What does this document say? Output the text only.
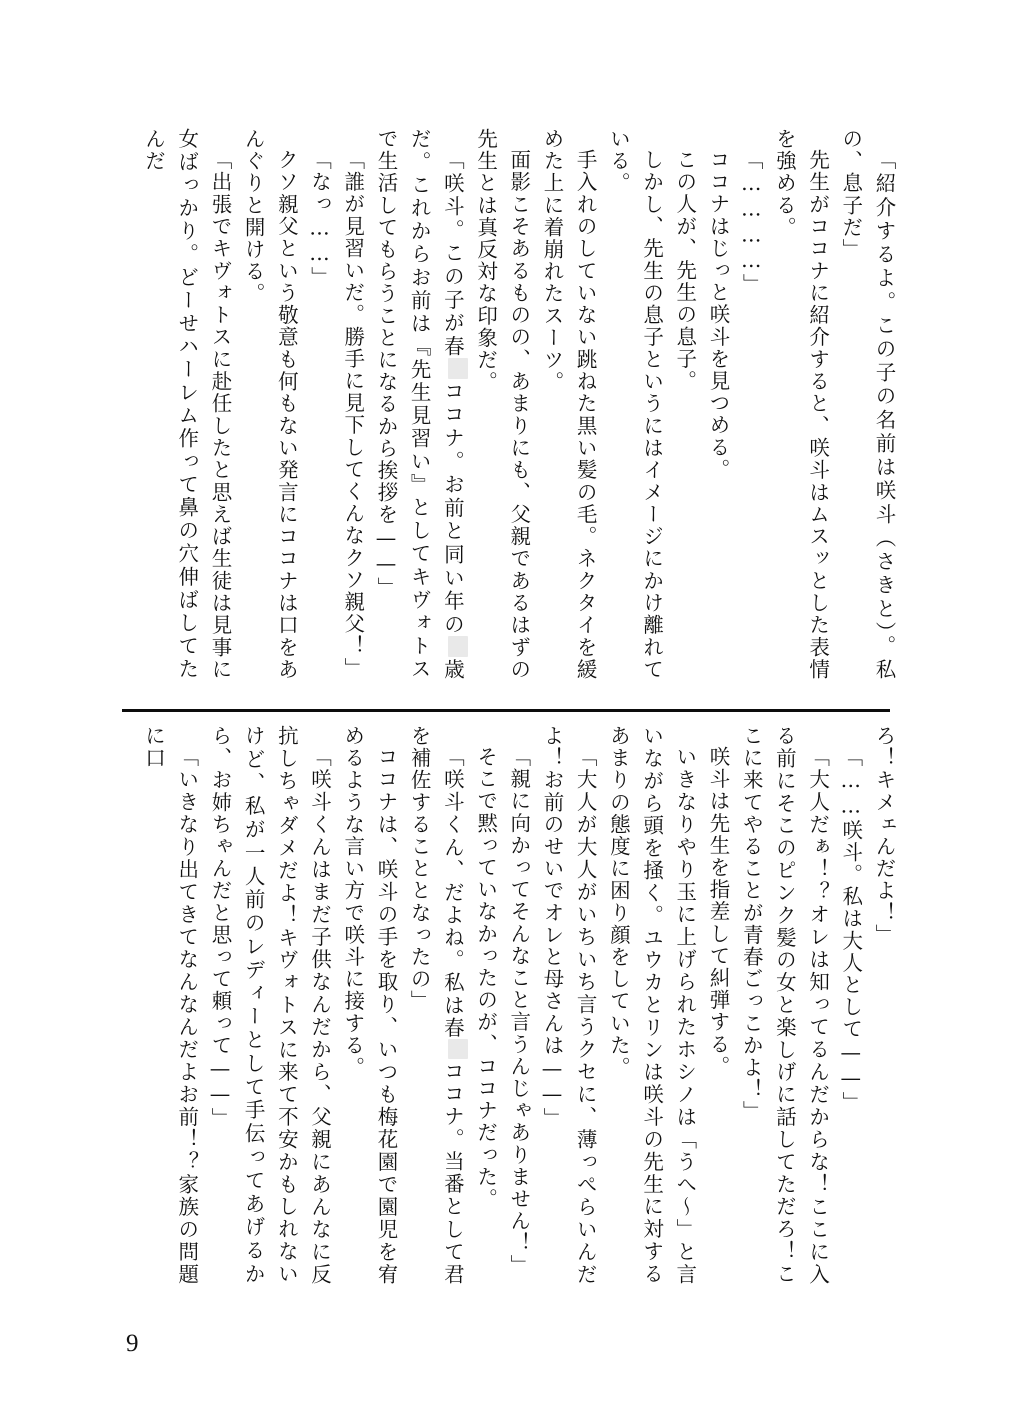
「紹介するよ。この子の名前は咲斗（さきと）。私の、息子だ」

先生がココナに紹介すると、咲斗はムスッとした表情を強める。

「…………」

ココナはじっと咲斗を見つめる。

この人が、先生の息子。

しかし、先生の息子というにはイメージにかけ離れている。

手入れのしていない跳ねた黒い髪の毛。ネクタイを緩めた上に着崩れたスーツ。

面影こそあるものの、あまりにも、父親であるはずの先生とは真反対な印象だ。

「咲斗。この子が春ココナ。お前と同い年の歳だ。これからお前は『先生見習い』としてキヴォトスで生活してもらうことになるから挨拶を——」

「誰が見習いだ。勝手に見下してくんなクソ親父！」

「なっ……」

クソ親父という敬意も何もない発言にココナは口をあんぐりと開ける。

「出張でキヴォトスに赴任したと思えば生徒は見事に女ばっかり。どーせハーレム作って鼻の穴伸ばしてたんだ

ろ！キメェんだよ！」

「……咲斗。私は大人として——」

「大人だぁ！？オレは知ってるんだからな！ここに入る前にそこのピンク髪の女と楽しげに話してただろ！ここに来てやることが青春ごっこかよ！」

咲斗は先生を指差して糾弾する。

いきなりやり玉に上げられたホシノは「うへ～」と言いながら頭を掻く。ユウカとリンは咲斗の先生に対するあまりの態度に困り顔をしていた。

「大人が大人がいちいち言うクセに、薄っぺらいんだよ！お前のせいでオレと母さんは——」

「親に向かってそんなこと言うんじゃありません！」

そこで黙っていなかったのが、ココナだった。

「咲斗くん、だよね。私は春ココナ。当番として君を補佐することとなったの」

ココナは、咲斗の手を取り、いつも梅花園で園児を宥めるような言い方で咲斗に接する。

「咲斗くんはまだ子供なんだから、父親にあんなに反抗しちゃダメだよ！キヴォトスに来て不安かもしれないけど、私が一人前のレディーとして手伝ってあげるから、お姉ちゃんだと思って頼って——」

「いきなり出てきてなんなんだよお前！？家族の問題に口

9
